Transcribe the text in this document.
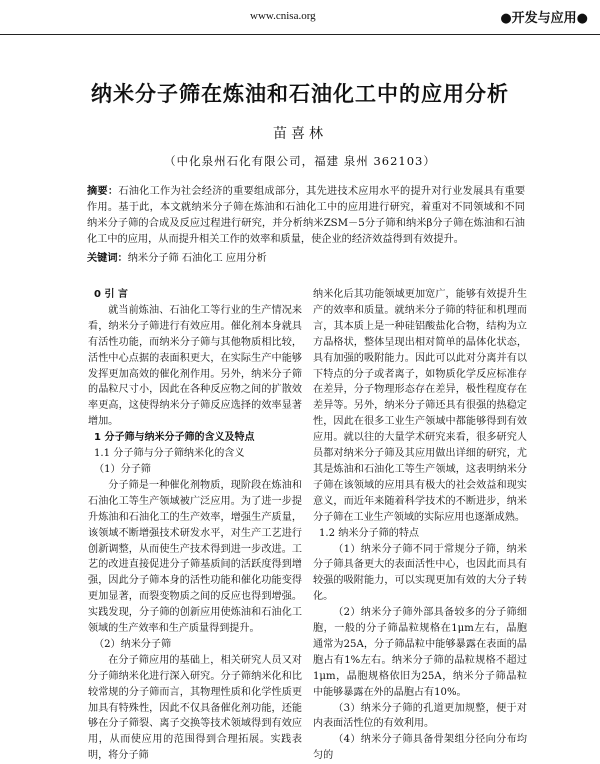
www.cnisa.org	●开发与应用●
纳米分子筛在炼油和石油化工中的应用分析
苗喜林
（中化泉州石化有限公司，福建 泉州 362103）
摘要：石油化工作为社会经济的重要组成部分，其先进技术应用水平的提升对行业发展具有重要作用。基于此，本文就纳米分子筛在炼油和石油化工中的应用进行研究，着重对不同领域和不同纳米分子筛的合成及反应过程进行研究，并分析纳米ZSM－5分子筛和纳米β分子筛在炼油和石油化工中的应用，从而提升相关工作的效率和质量，使企业的经济效益得到有效提升。
关键词：纳米分子筛 石油化工 应用分析

0 引 言

就当前炼油、石油化工等行业的生产情况来看，纳米分子筛进行有效应用。催化剂本身就具有活性功能，而纳米分子筛与其他物质相比较，活性中心点据的表面积更大，在实际生产中能够发挥更加高效的催化剂作用。另外，纳米分子筛的晶粒尺寸小，因此在各种反应物之间的扩散效率更高，这使得纳米分子筛反应选择的效率显著增加。

1 分子筛与纳米分子筛的含义及特点

1.1 分子筛与分子筛纳米化的含义

（1）分子筛

分子筛是一种催化剂物质，现阶段在炼油和石油化工等生产领域被广泛应用。为了进一步提升炼油和石油化工的生产效率，增强生产质量，该领域不断增强技术研发水平，对生产工艺进行创新调整，从而使生产技术得到进一步改进。工艺的改进直接促进分子筛基质间的活跃度得到增强，因此分子筛本身的活性功能和催化功能变得更加显著，而裂变物质之间的反应也得到增强。实践发现，分子筛的创新应用使炼油和石油化工领域的生产效率和生产质量得到提升。

（2）纳米分子筛

在分子筛应用的基础上，相关研究人员又对分子筛纳米化进行深入研究。分子筛纳米化和比较常规的分子筛而言，其物理性质和化学性质更加具有特殊性，因此不仅具备催化剂功能，还能够在分子筛裂、离子交换等技术领域得到有效应用，从而使应用的范围得到合理拓展。实践表明，将分子筛

纳米化后其功能领域更加宽广，能够有效提升生产的效率和质量。就纳米分子筛的特征和机理而言，其本质上是一种硅铝酸盐化合物，结构为立方晶格状，整体呈现出相对简单的晶体化状态，具有加强的吸附能力。因此可以此对分离并有以下特点的分子或者离子，如物质化学反应标准存在差异，分子物理形态存在差异，极性程度存在差异等。另外，纳米分子筛还具有很强的热稳定性，因此在很多工业生产领域中都能够得到有效应用。就以往的大量学术研究来看，很多研究人员都对纳米分子筛及其应用做出详细的研究，尤其是炼油和石油化工等生产领域，这表明纳米分子筛在该领域的应用具有极大的社会效益和现实意义，而近年来随着科学技术的不断进步，纳米分子筛在工业生产领域的实际应用也逐渐成熟。

1.2 纳米分子筛的特点

（1）纳米分子筛不同于常规分子筛，纳米分子筛具备更大的表面活性中心，也因此而具有较强的吸附能力，可以实现更加有效的大分子转化。

（2）纳米分子筛外部具备较多的分子筛细胞，一般的分子筛晶粒规格在1μm左右，晶胞通常为25A，分子筛晶粒中能够暴露在表面的晶胞占有1%左右。纳米分子筛的晶粒规格不超过1μm，晶胞规格依旧为25A，纳米分子筛晶粒中能够暴露在外的晶胞占有10%。

（3）纳米分子筛的孔道更加规整，便于对内表面活性位的有效利用。

（4）纳米分子筛具备骨架组分径向分布均匀的
